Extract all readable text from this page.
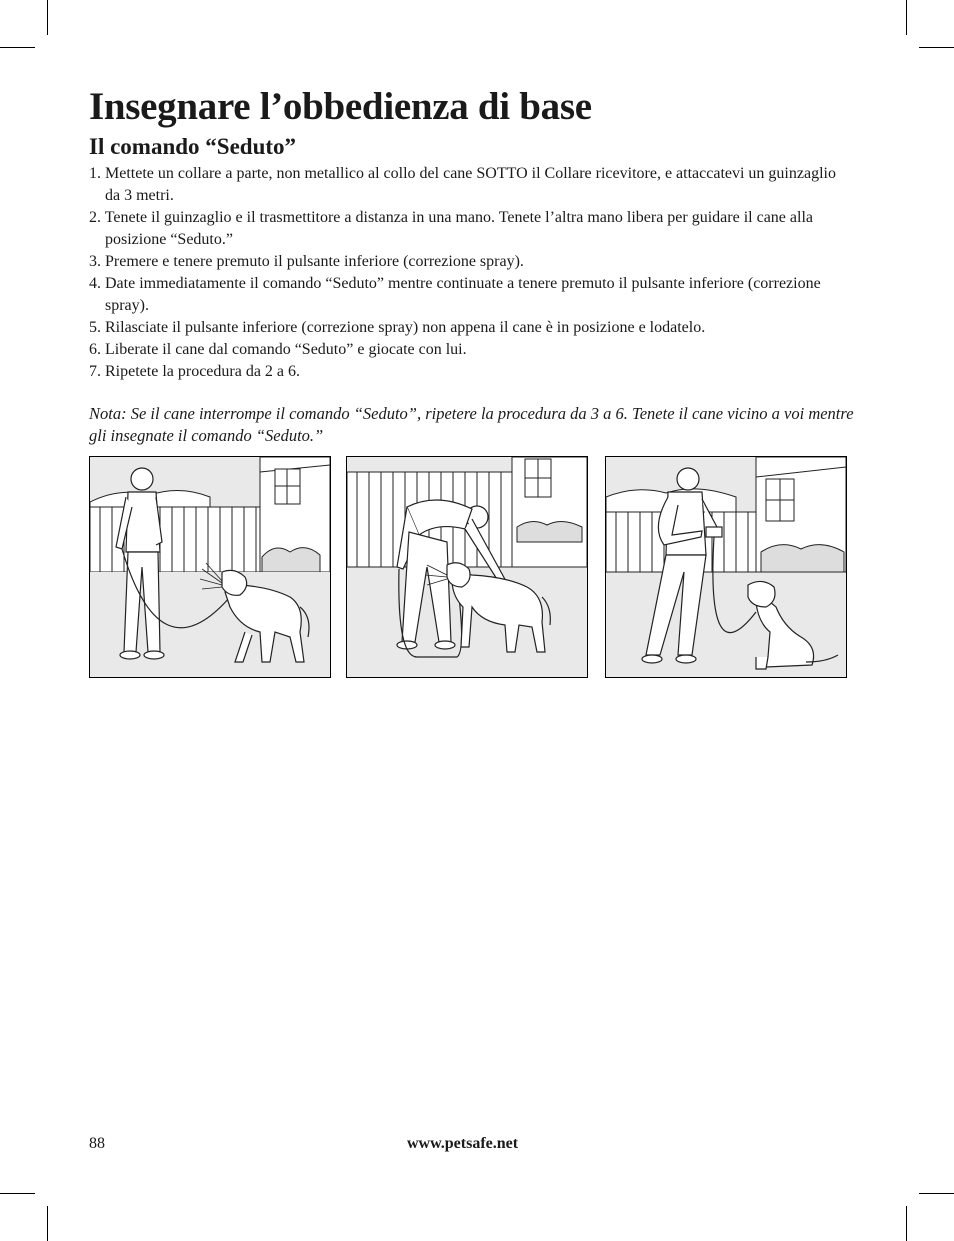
Insegnare l’obbedienza di base
Il comando “Seduto”
1. Mettete un collare a parte, non metallico al collo del cane SOTTO il Collare ricevitore, e attaccatevi un guinzaglio da 3 metri.
2. Tenete il guinzaglio e il trasmettitore a distanza in una mano. Tenete l’altra mano libera per guidare il cane alla posizione “Seduto.”
3. Premere e tenere premuto il pulsante inferiore (correzione spray).
4. Date immediatamente il comando “Seduto” mentre continuate a tenere premuto il pulsante inferiore (correzione spray).
5. Rilasciate il pulsante inferiore (correzione spray) non appena il cane è in posizione e lodatelo.
6. Liberate il cane dal comando “Seduto” e giocate con lui.
7. Ripetete la procedura da 2 a 6.

Nota: Se il cane interrompe il comando “Seduto”, ripetere la procedura da 3 a 6. Tenete il cane vicino a voi mentre gli insegnate il comando “Seduto.”

88	www.petsafe.net
